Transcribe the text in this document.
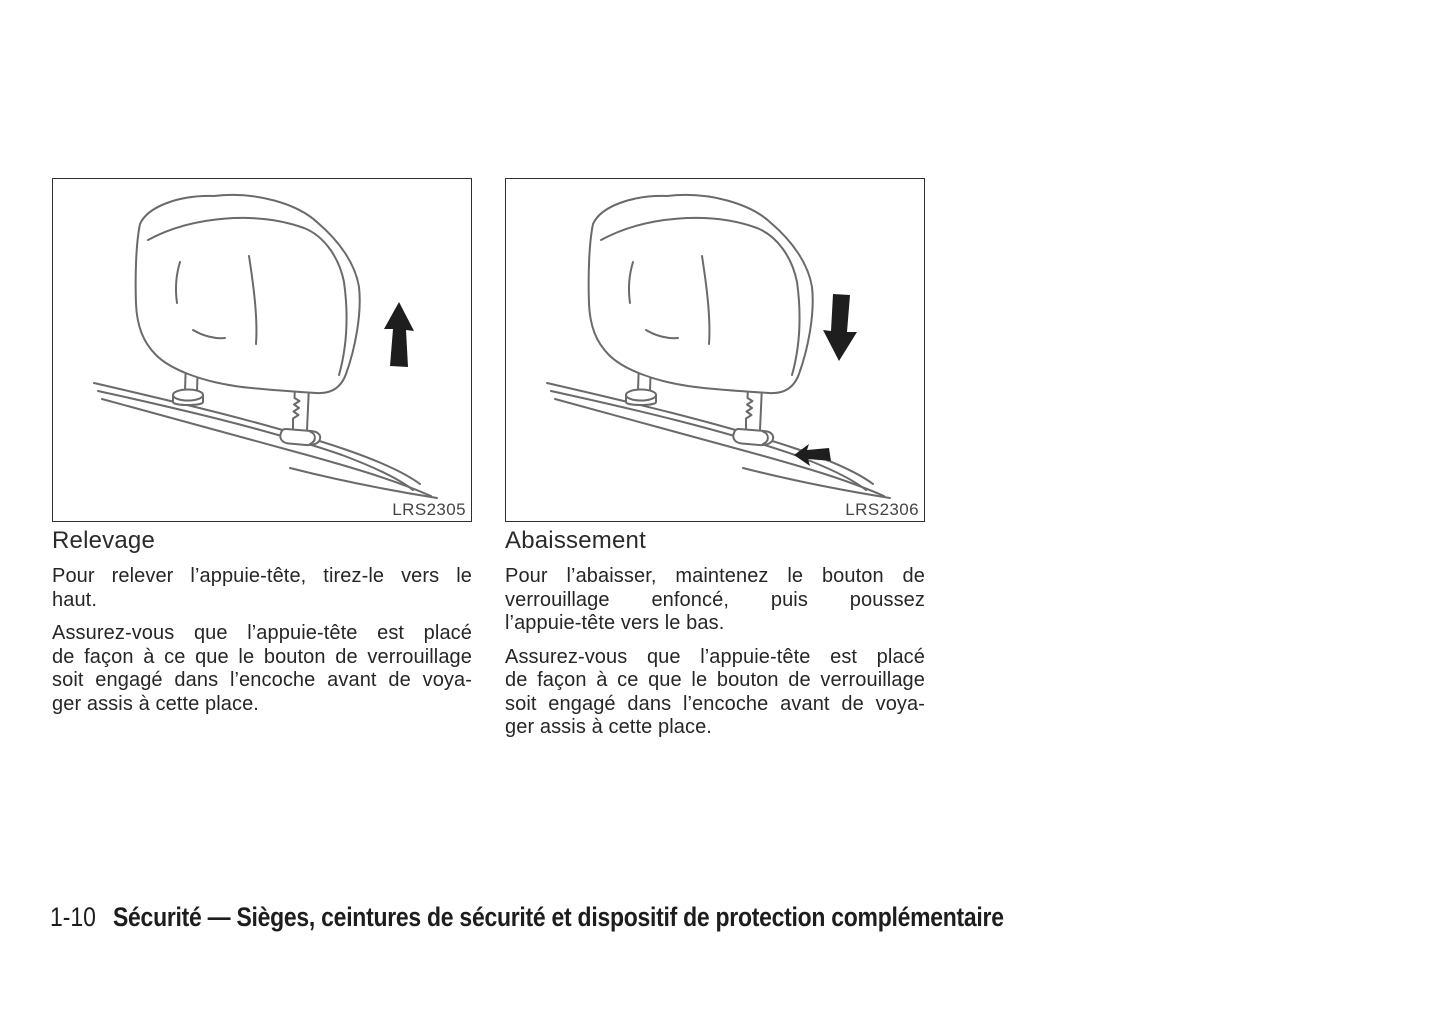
LRS2305	LRS2306
Relevage
Pour relever l’appuie-tête, tirez-le vers le
haut.
Assurez-vous que l’appuie-tête est placé
de façon à ce que le bouton de verrouillage
soit engagé dans l’encoche avant de voya-
ger assis à cette place.
Abaissement
Pour l’abaisser, maintenez le bouton de
verrouillage enfoncé, puis poussez
l’appuie-tête vers le bas.
Assurez-vous que l’appuie-tête est placé
de façon à ce que le bouton de verrouillage
soit engagé dans l’encoche avant de voya-
ger assis à cette place.
1-10 Sécurité — Sièges, ceintures de sécurité et dispositif de protection complémentaire
